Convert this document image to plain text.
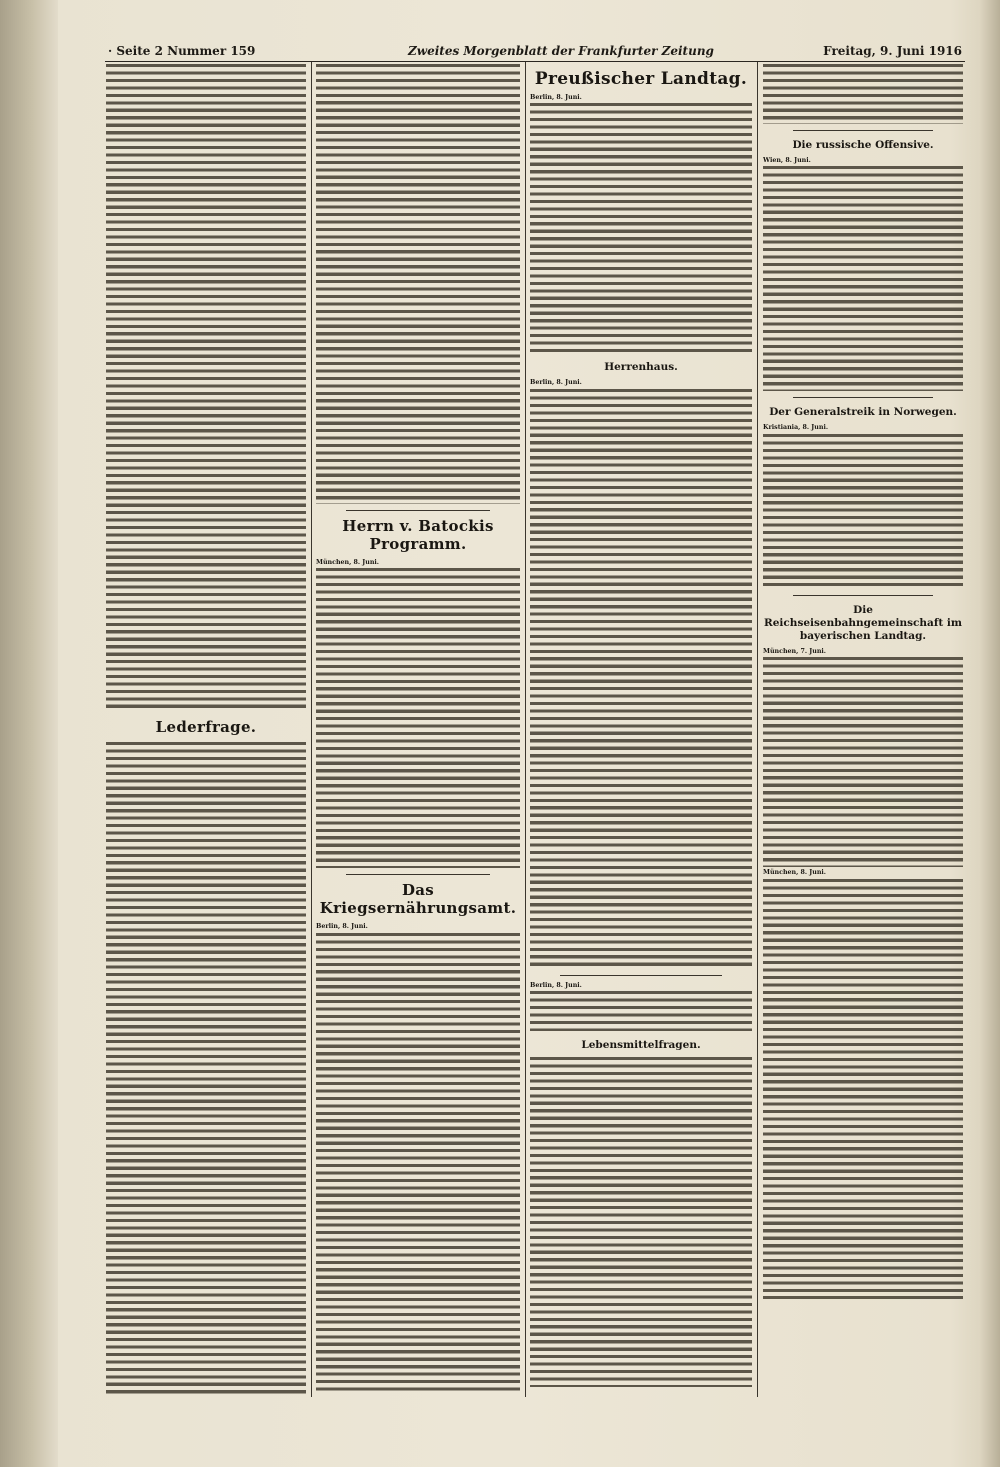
· Seite 2 Nummer 159	Zweites Morgenblatt der Frankfurter Zeitung	Freitag, 9. Juni 1916

Lederfrage.

Herrn v. Batockis Programm.

München, 8. Juni.

Das Kriegsernährungsamt.

Berlin, 8. Juni.

Preußischer Landtag.

Berlin, 8. Juni.

Herrenhaus.

Berlin, 8. Juni.

Berlin, 8. Juni.

Lebensmittelfragen.

Die russische Offensive.

Wien, 8. Juni.

Der Generalstreik in Norwegen.

Kristiania, 8. Juni.

Die Reichseisenbahngemeinschaft im bayerischen Landtag.

München, 7. Juni.

München, 8. Juni.
